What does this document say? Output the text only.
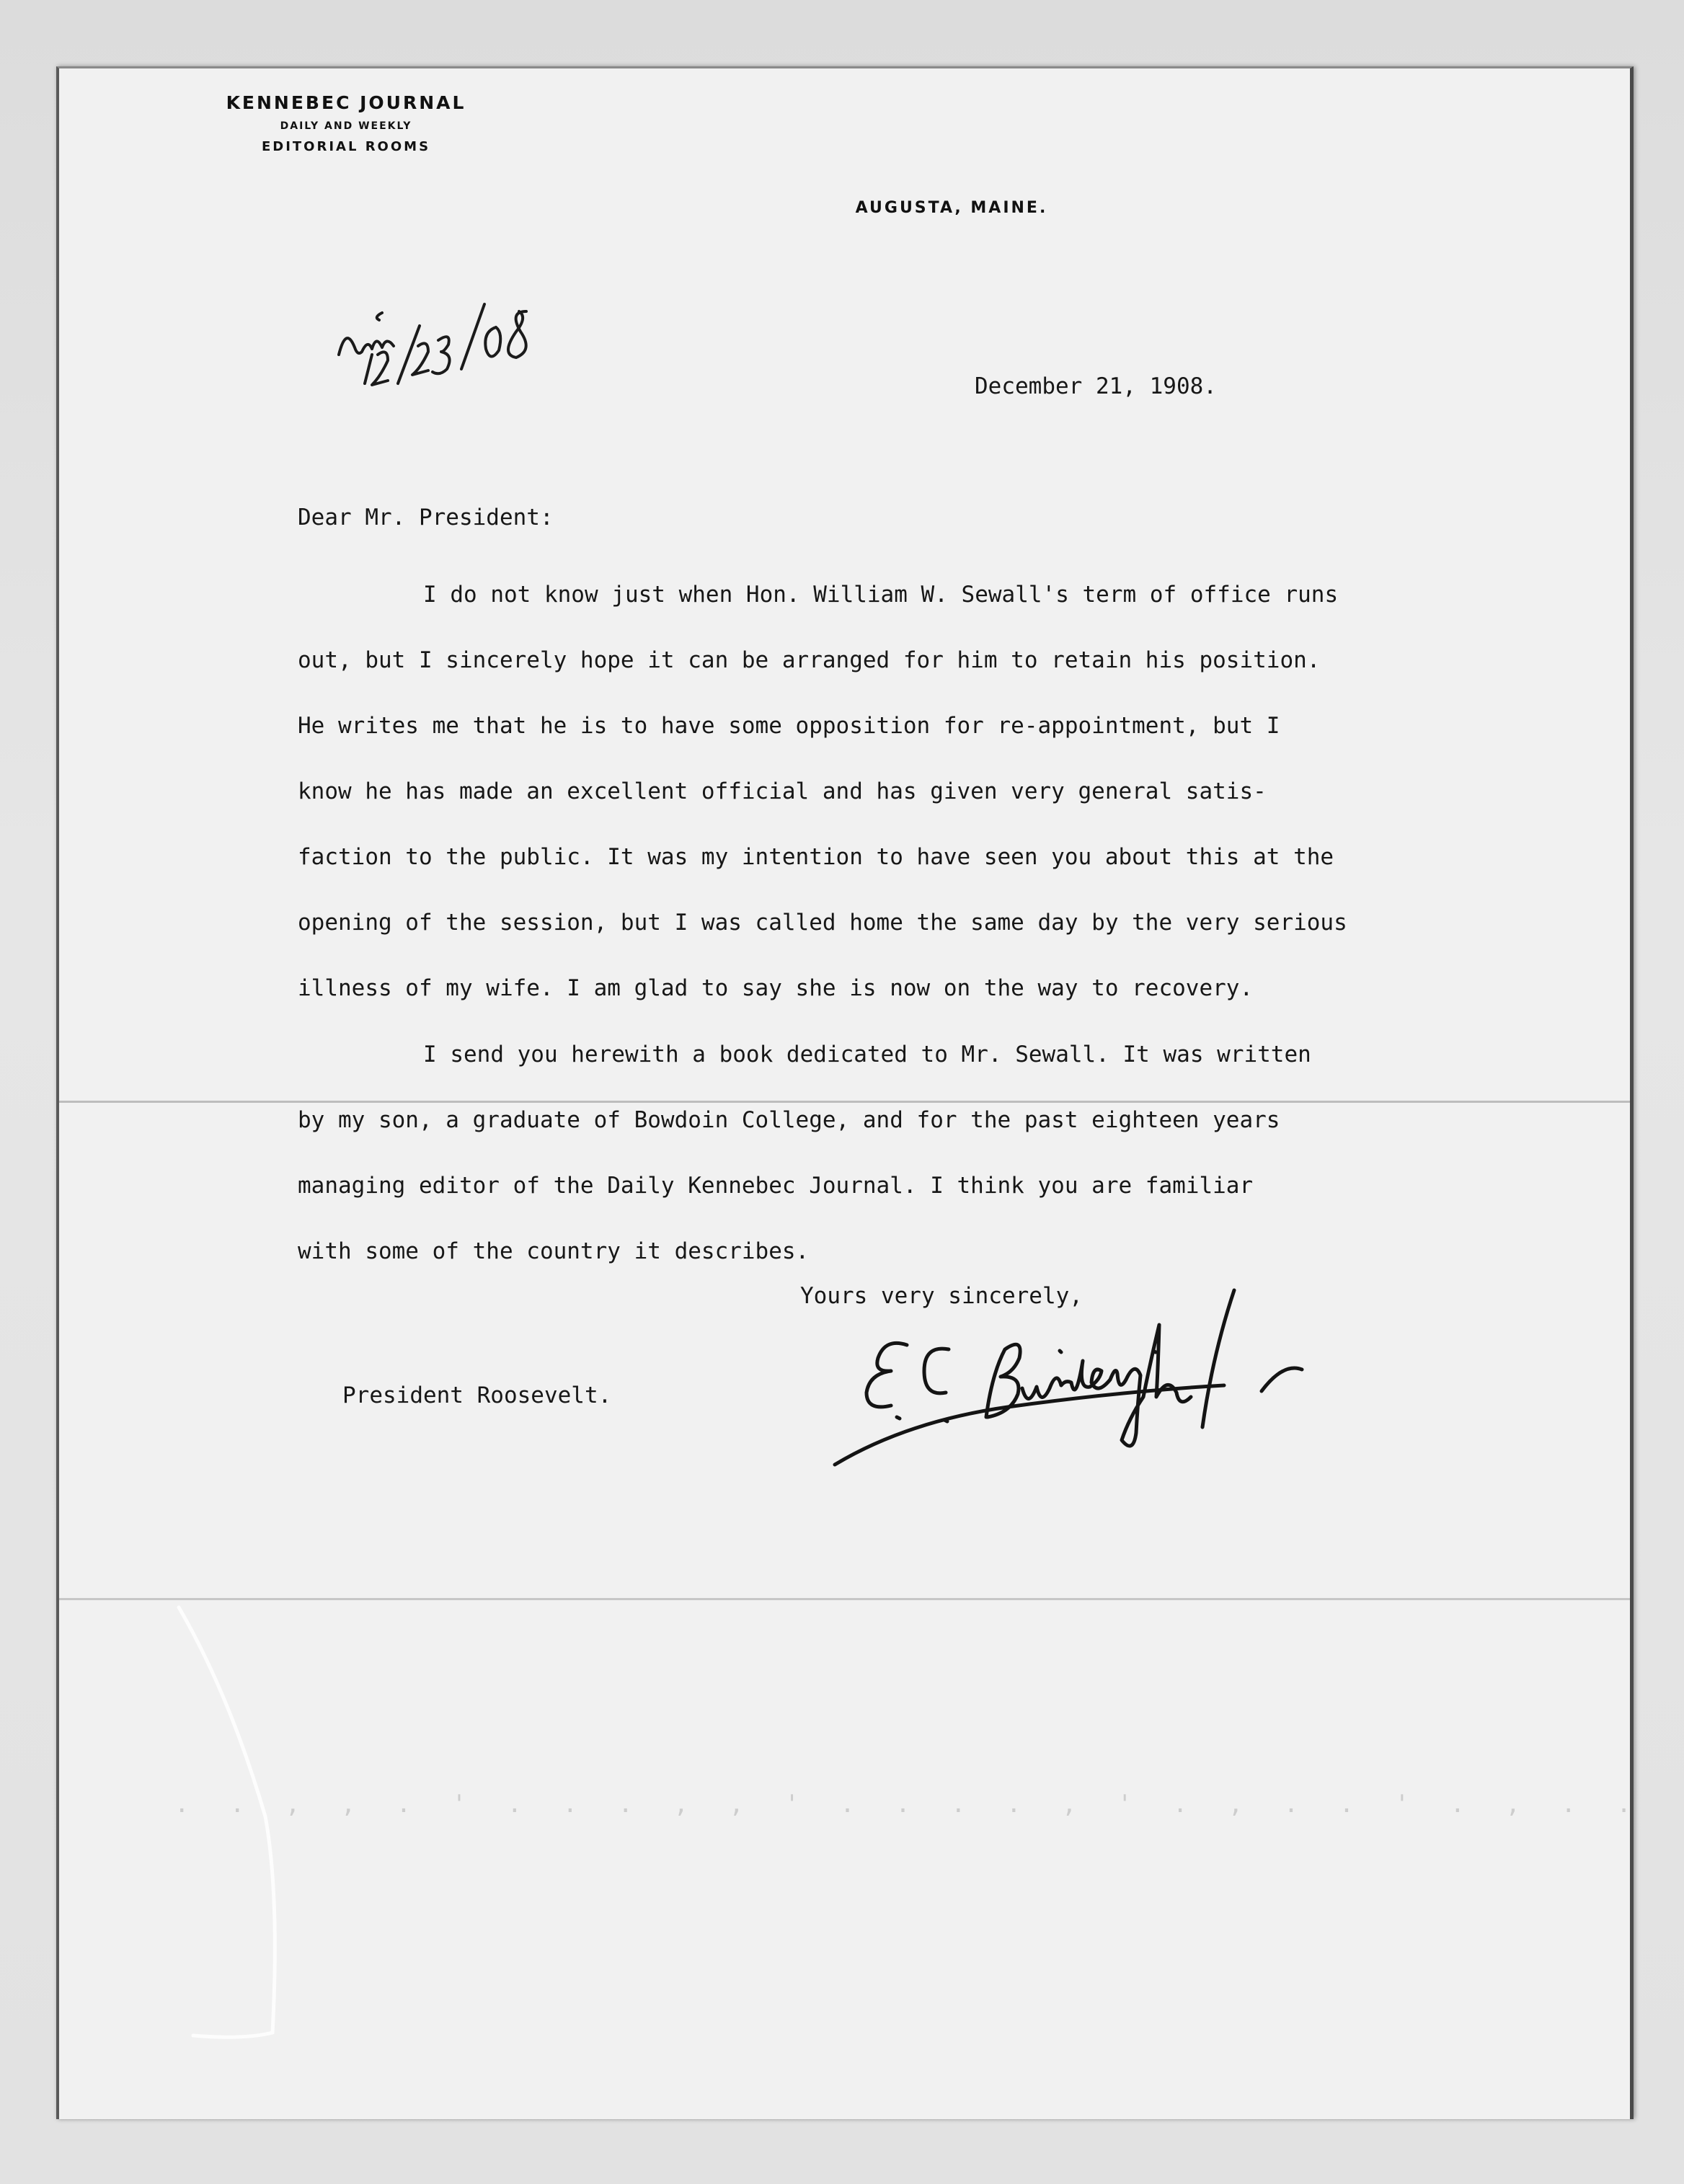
. . , , . ' . . . , , ' . . . . , ' . , . . ' . , . .
KENNEBEC JOURNAL
DAILY AND WEEKLY
EDITORIAL ROOMS
AUGUSTA, MAINE.
December 21, 1908.
Dear Mr. President:
I do not know just when Hon. William W. Sewall's term of office runs
out, but I sincerely hope it can be arranged for him to retain his position.
He writes me that he is to have some opposition for re-appointment, but I
know he has made an excellent official and has given very general satis-
faction to the public. It was my intention to have seen you about this at the
opening of the session, but I was called home the same day by the very serious
illness of my wife. I am glad to say she is now on the way to recovery.
I send you herewith a book dedicated to Mr. Sewall. It was written
by my son, a graduate of Bowdoin College, and for the past eighteen years
managing editor of the Daily Kennebec Journal. I think you are familiar
with some of the country it describes.
Yours very sincerely,
President Roosevelt.
